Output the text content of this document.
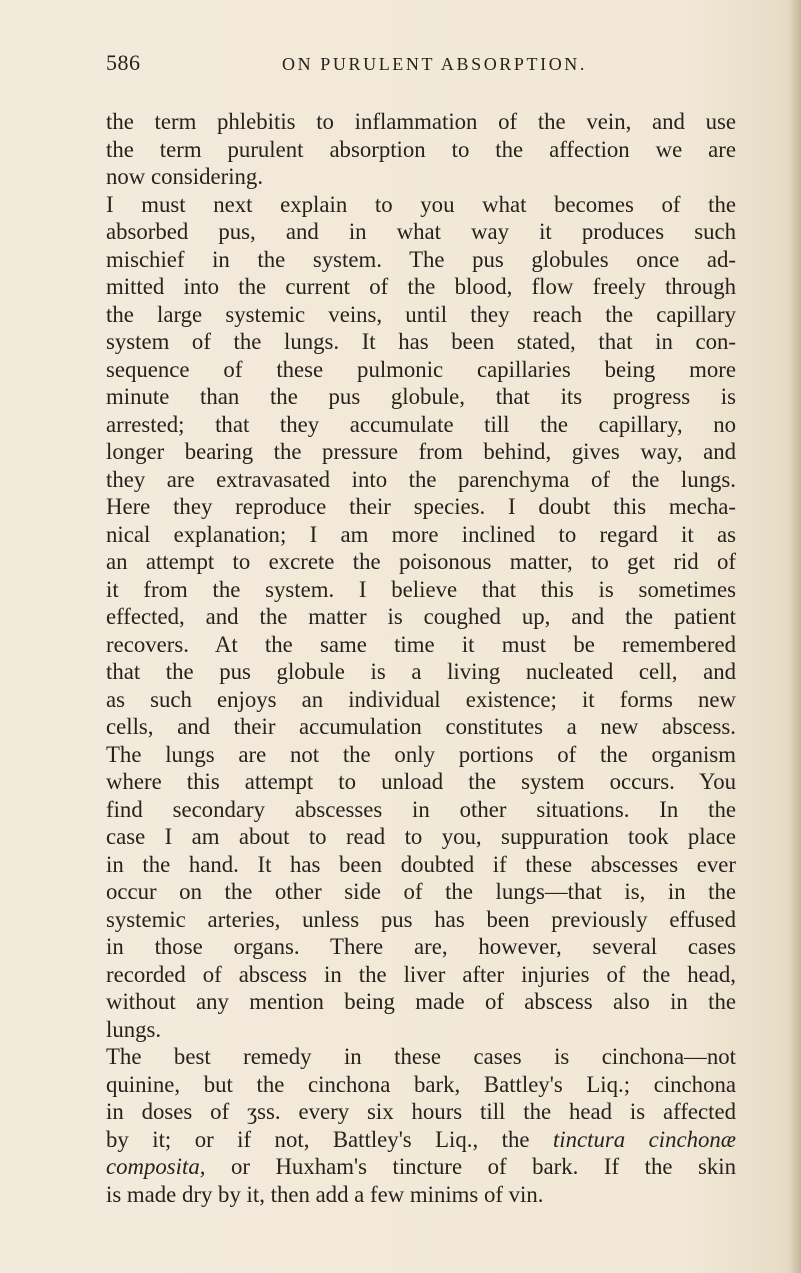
586	ON PURULENT ABSORPTION.
the term phlebitis to inflammation of the vein, and use
the term purulent absorption to the affection we are
now considering.
I must next explain to you what becomes of the
absorbed pus, and in what way it produces such
mischief in the system. The pus globules once ad-
mitted into the current of the blood, flow freely through
the large systemic veins, until they reach the capillary
system of the lungs. It has been stated, that in con-
sequence of these pulmonic capillaries being more
minute than the pus globule, that its progress is
arrested; that they accumulate till the capillary, no
longer bearing the pressure from behind, gives way, and
they are extravasated into the parenchyma of the lungs.
Here they reproduce their species. I doubt this mecha-
nical explanation; I am more inclined to regard it as
an attempt to excrete the poisonous matter, to get rid of
it from the system. I believe that this is sometimes
effected, and the matter is coughed up, and the patient
recovers. At the same time it must be remembered
that the pus globule is a living nucleated cell, and
as such enjoys an individual existence; it forms new
cells, and their accumulation constitutes a new abscess.
The lungs are not the only portions of the organism
where this attempt to unload the system occurs. You
find secondary abscesses in other situations. In the
case I am about to read to you, suppuration took place
in the hand. It has been doubted if these abscesses ever
occur on the other side of the lungs—that is, in the
systemic arteries, unless pus has been previously effused
in those organs. There are, however, several cases
recorded of abscess in the liver after injuries of the head,
without any mention being made of abscess also in the
lungs.
The best remedy in these cases is cinchona—not
quinine, but the cinchona bark, Battley's Liq.; cinchona
in doses of ʒss. every six hours till the head is affected
by it; or if not, Battley's Liq., the tinctura cinchonæ
composita, or Huxham's tincture of bark. If the skin
is made dry by it, then add a few minims of vin.
